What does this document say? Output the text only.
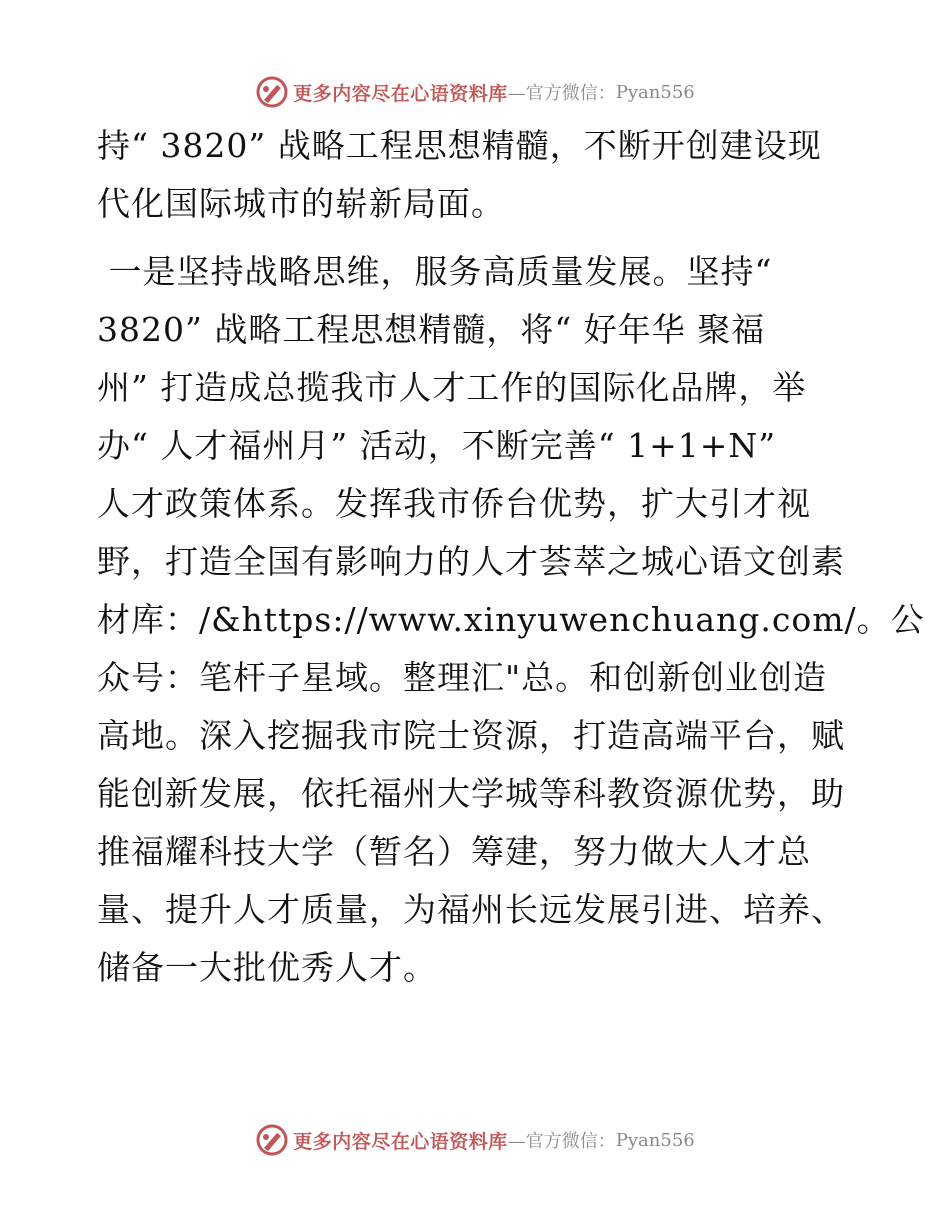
更多内容尽在心语资料库 —官方微信： Pyan556
持“ 3820” 战略工程思想精髓，不断开创建设现
代化国际城市的崭新局面。
一是坚持战略思维，服务高质量发展。坚持“
3820” 战略工程思想精髓，将“ 好年华 聚福
州” 打造成总揽我市人才工作的国际化品牌，举
办“ 人才福州月” 活动，不断完善“ 1+1+N”
人才政策体系。发挥我市侨台优势，扩大引才视
野，打造全国有影响力的人才荟萃之城心语文创素
材库：/&https://www.xinyuwenchuang.com/。公
众号：笔杆子星域。整理汇"总。和创新创业创造
高地。深入挖掘我市院士资源，打造高端平台，赋
能创新发展，依托福州大学城等科教资源优势，助
推福耀科技大学（暂名）筹建，努力做大人才总
量、提升人才质量，为福州长远发展引进、培养、
储备一大批优秀人才。
更多内容尽在心语资料库 —官方微信： Pyan556
